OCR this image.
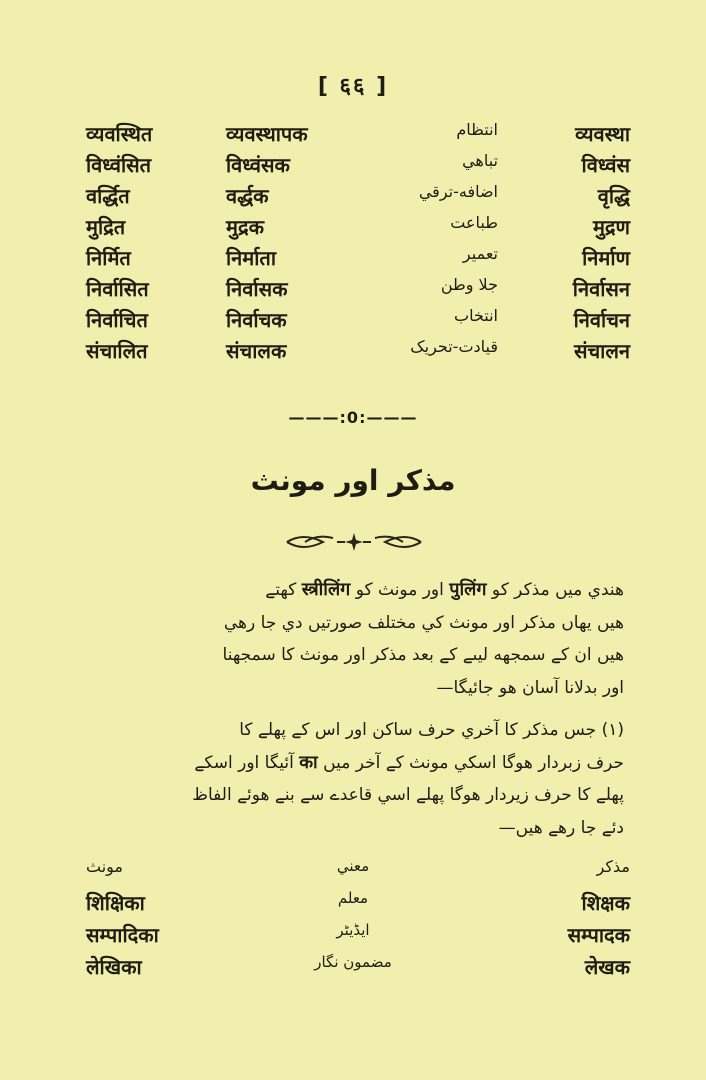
[ ६६ ]
व्यवस्थित	व्यवस्थापक	انتظام	व्यवस्था
विध्वंसित	विध्वंसक	تباهي	विध्वंस
वर्द्धित	वर्द्धक	اضافه-ترقي	वृद्धि
मुद्रित	मुद्रक	طباعت	मुद्रण
निर्मित	निर्माता	تعمير	निर्माण
निर्वासित	निर्वासक	جلا وطن	निर्वासन
निर्वाचित	निर्वाचक	انتخاب	निर्वाचन
संचालित	संचालक	قيادت-تحريک	संचालन
———:0:———
مذکر اور مونث
هندي ميں مذکر کو पुलिंग اور مونث کو स्त्रीलिंग کهتے
هيں يهاں مذکر اور مونث کي مختلف صورتيں دي جا رهي
هيں ان کے سمجهه ليںے کے بعد مذکر اور مونث کا سمجهنا
اور بدلانا آسان هو جائيگا—
(۱) جس مذکر کا آخري حرف ساکن اور اس کے پهلے کا
حرف زبردار هوگا اسکي مونث کے آخر ميں का آئيگا اور اسکے
پهلے کا حرف زيردار هوگا پهلے اسي قاعدے سے بنے هوئے الفاظ
دئے جا رهے هيں—
مونث	معني	مذکر
शिक्षिका	معلم	शिक्षक
सम्पादिका	ايڈيٹر	सम्पादक
लेखिका	مضمون نگار	लेखक
